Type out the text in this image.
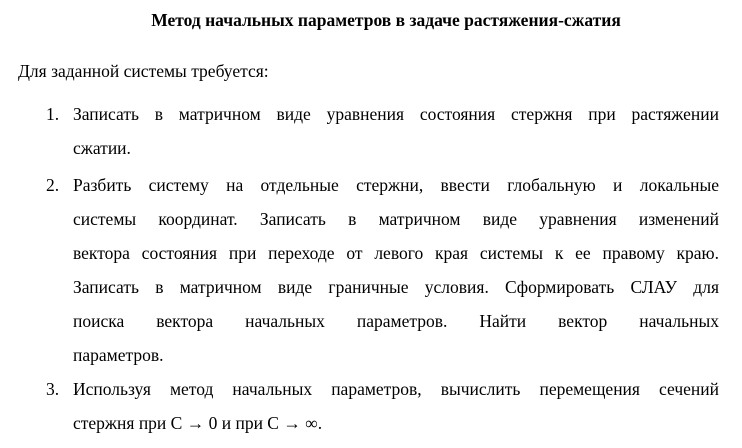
Метод начальных параметров в задаче растяжения-сжатия
Для заданной системы требуется:
1. Записать в матричном виде уравнения состояния стержня при растяжении
сжатии.
2. Разбить систему на отдельные стержни, ввести глобальную и локальные
системы координат. Записать в матричном виде уравнения изменений
вектора состояния при переходе от левого края системы к ее правому краю.
Записать в матричном виде граничные условия. Сформировать СЛАУ для
поиска вектора начальных параметров. Найти вектор начальных
параметров.
3. Используя метод начальных параметров, вычислить перемещения сечений
стержня при C → 0 и при C → ∞.
